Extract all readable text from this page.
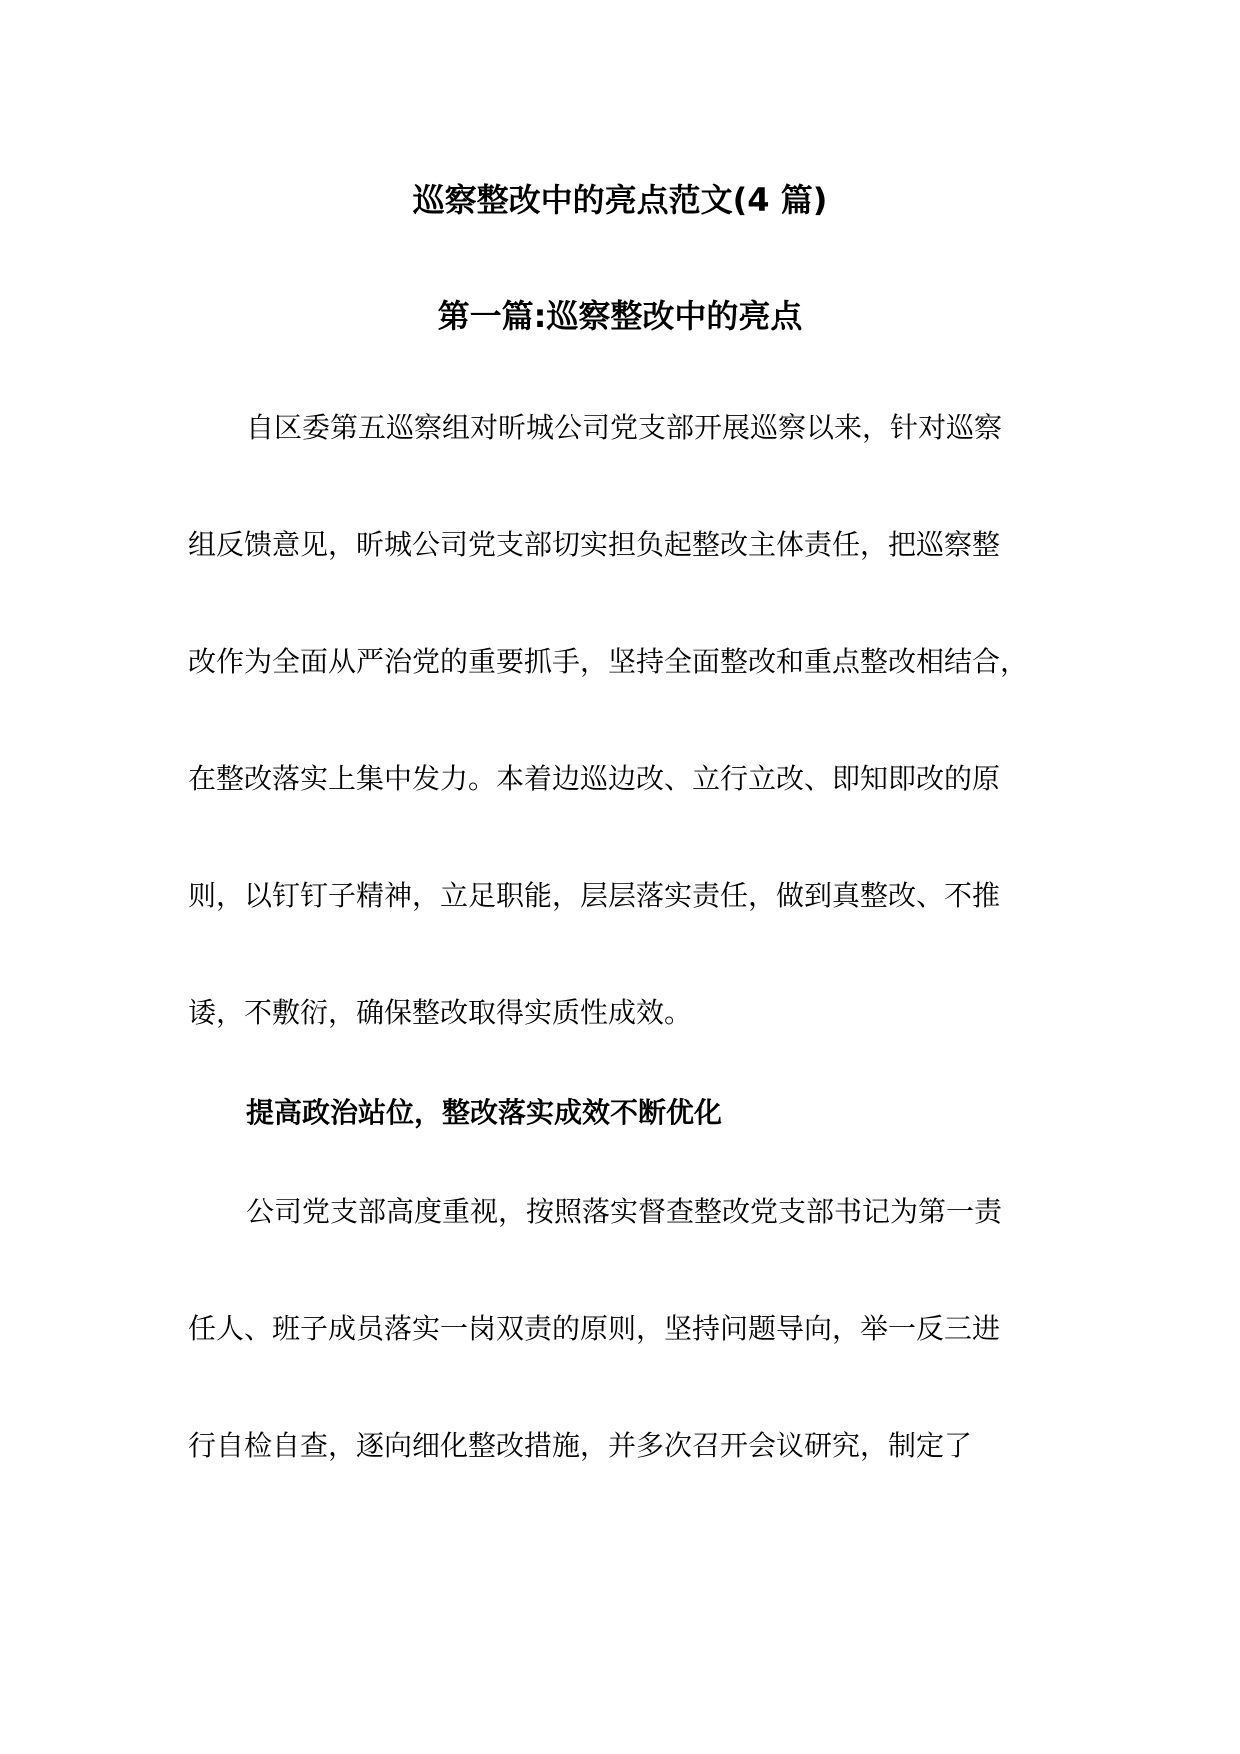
巡察整改中的亮点范文(4 篇)
第一篇:巡察整改中的亮点
自区委第五巡察组对昕城公司党支部开展巡察以来，针对巡察
组反馈意见，昕城公司党支部切实担负起整改主体责任，把巡察整
改作为全面从严治党的重要抓手，坚持全面整改和重点整改相结合，
在整改落实上集中发力。本着边巡边改、立行立改、即知即改的原
则，以钉钉子精神，立足职能，层层落实责任，做到真整改、不推
诿，不敷衍，确保整改取得实质性成效。
提高政治站位，整改落实成效不断优化
公司党支部高度重视，按照落实督查整改党支部书记为第一责
任人、班子成员落实一岗双责的原则，坚持问题导向，举一反三进
行自检自查，逐向细化整改措施，并多次召开会议研究，制定了
